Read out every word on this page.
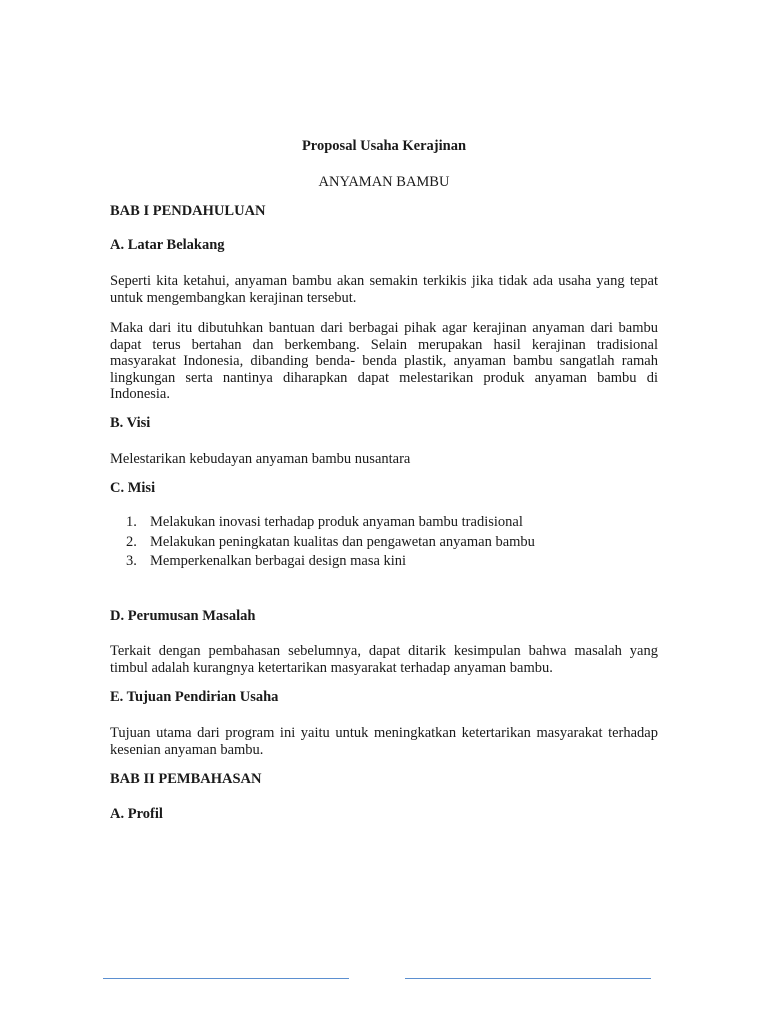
Proposal Usaha Kerajinan
ANYAMAN BAMBU
BAB I PENDAHULUAN
A. Latar Belakang
Seperti kita ketahui, anyaman bambu akan semakin terkikis jika tidak ada usaha yang tepat untuk mengembangkan kerajinan tersebut.
Maka dari itu dibutuhkan bantuan dari berbagai pihak agar kerajinan anyaman dari bambu dapat terus bertahan dan berkembang. Selain merupakan hasil kerajinan tradisional masyarakat Indonesia, dibanding benda- benda plastik, anyaman bambu sangatlah ramah lingkungan serta nantinya diharapkan dapat melestarikan produk anyaman bambu di Indonesia.
B. Visi
Melestarikan kebudayan anyaman bambu nusantara
C. Misi
1. Melakukan inovasi terhadap produk anyaman bambu tradisional
2. Melakukan peningkatan kualitas dan pengawetan anyaman bambu
3. Memperkenalkan berbagai design masa kini
D. Perumusan Masalah
Terkait dengan pembahasan sebelumnya, dapat ditarik kesimpulan bahwa masalah yang timbul adalah kurangnya ketertarikan masyarakat terhadap anyaman bambu.
E. Tujuan Pendirian Usaha
Tujuan utama dari program ini yaitu untuk meningkatkan ketertarikan masyarakat terhadap kesenian anyaman bambu.
BAB II PEMBAHASAN
A. Profil
